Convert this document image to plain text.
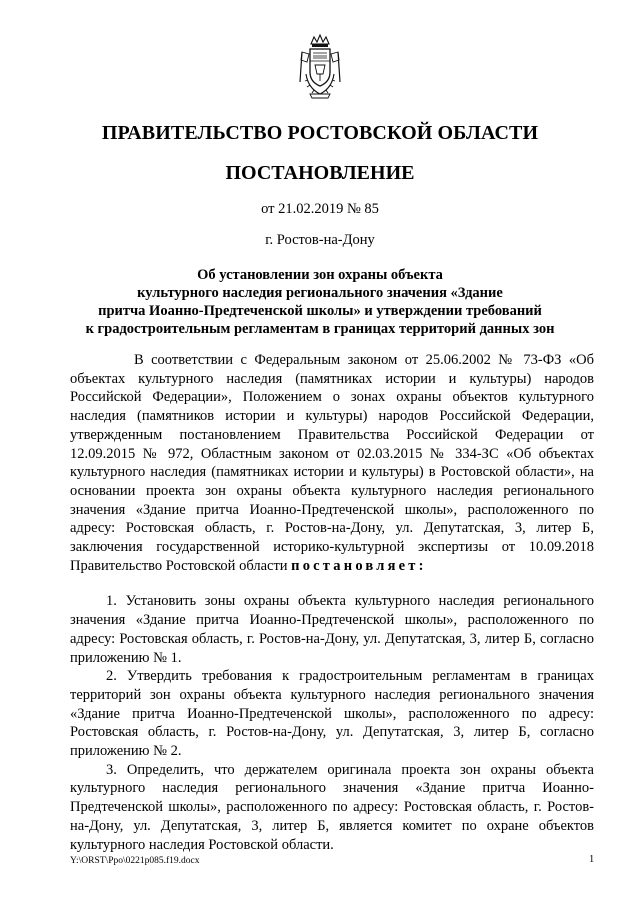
ПРАВИТЕЛЬСТВО РОСТОВСКОЙ ОБЛАСТИ
ПОСТАНОВЛЕНИЕ
от 21.02.2019 № 85
г. Ростов-на-Дону
Об установлении зон охраны объекта
культурного наследия регионального значения «Здание
притча Иоанно-Предтеченской школы» и утверждении требований
к градостроительным регламентам в границах территорий данных зон

В соответствии с Федеральным законом от 25.06.2002 № 73-ФЗ «Об объектах культурного наследия (памятниках истории и культуры) народов Российской Федерации», Положением о зонах охраны объектов культурного наследия (памятников истории и культуры) народов Российской Федерации, утвержденным постановлением Правительства Российской Федерации от 12.09.2015 № 972, Областным законом от 02.03.2015 № 334-ЗС «Об объектах культурного наследия (памятниках истории и культуры) в Ростовской области», на основании проекта зон охраны объекта культурного наследия регионального значения «Здание притча Иоанно-Предтеченской школы», расположенного по адресу: Ростовская область, г. Ростов-на-Дону, ул. Депутатская, 3, литер Б, заключения государственной историко-культурной экспертизы от 10.09.2018 Правительство Ростовской области постановляет:

1. Установить зоны охраны объекта культурного наследия регионального значения «Здание притча Иоанно-Предтеченской школы», расположенного по адресу: Ростовская область, г. Ростов-на-Дону, ул. Депутатская, 3, литер Б, согласно приложению № 1.

2. Утвердить требования к градостроительным регламентам в границах территорий зон охраны объекта культурного наследия регионального значения «Здание притча Иоанно-Предтеченской школы», расположенного по адресу: Ростовская область, г. Ростов-на-Дону, ул. Депутатская, 3, литер Б, согласно приложению № 2.

3. Определить, что держателем оригинала проекта зон охраны объекта культурного наследия регионального значения «Здание притча Иоанно-Предтеченской школы», расположенного по адресу: Ростовская область, г. Ростов-на-Дону, ул. Депутатская, 3, литер Б, является комитет по охране объектов культурного наследия Ростовской области.

Y:\ORST\Ppo\0221p085.f19.docx	1
